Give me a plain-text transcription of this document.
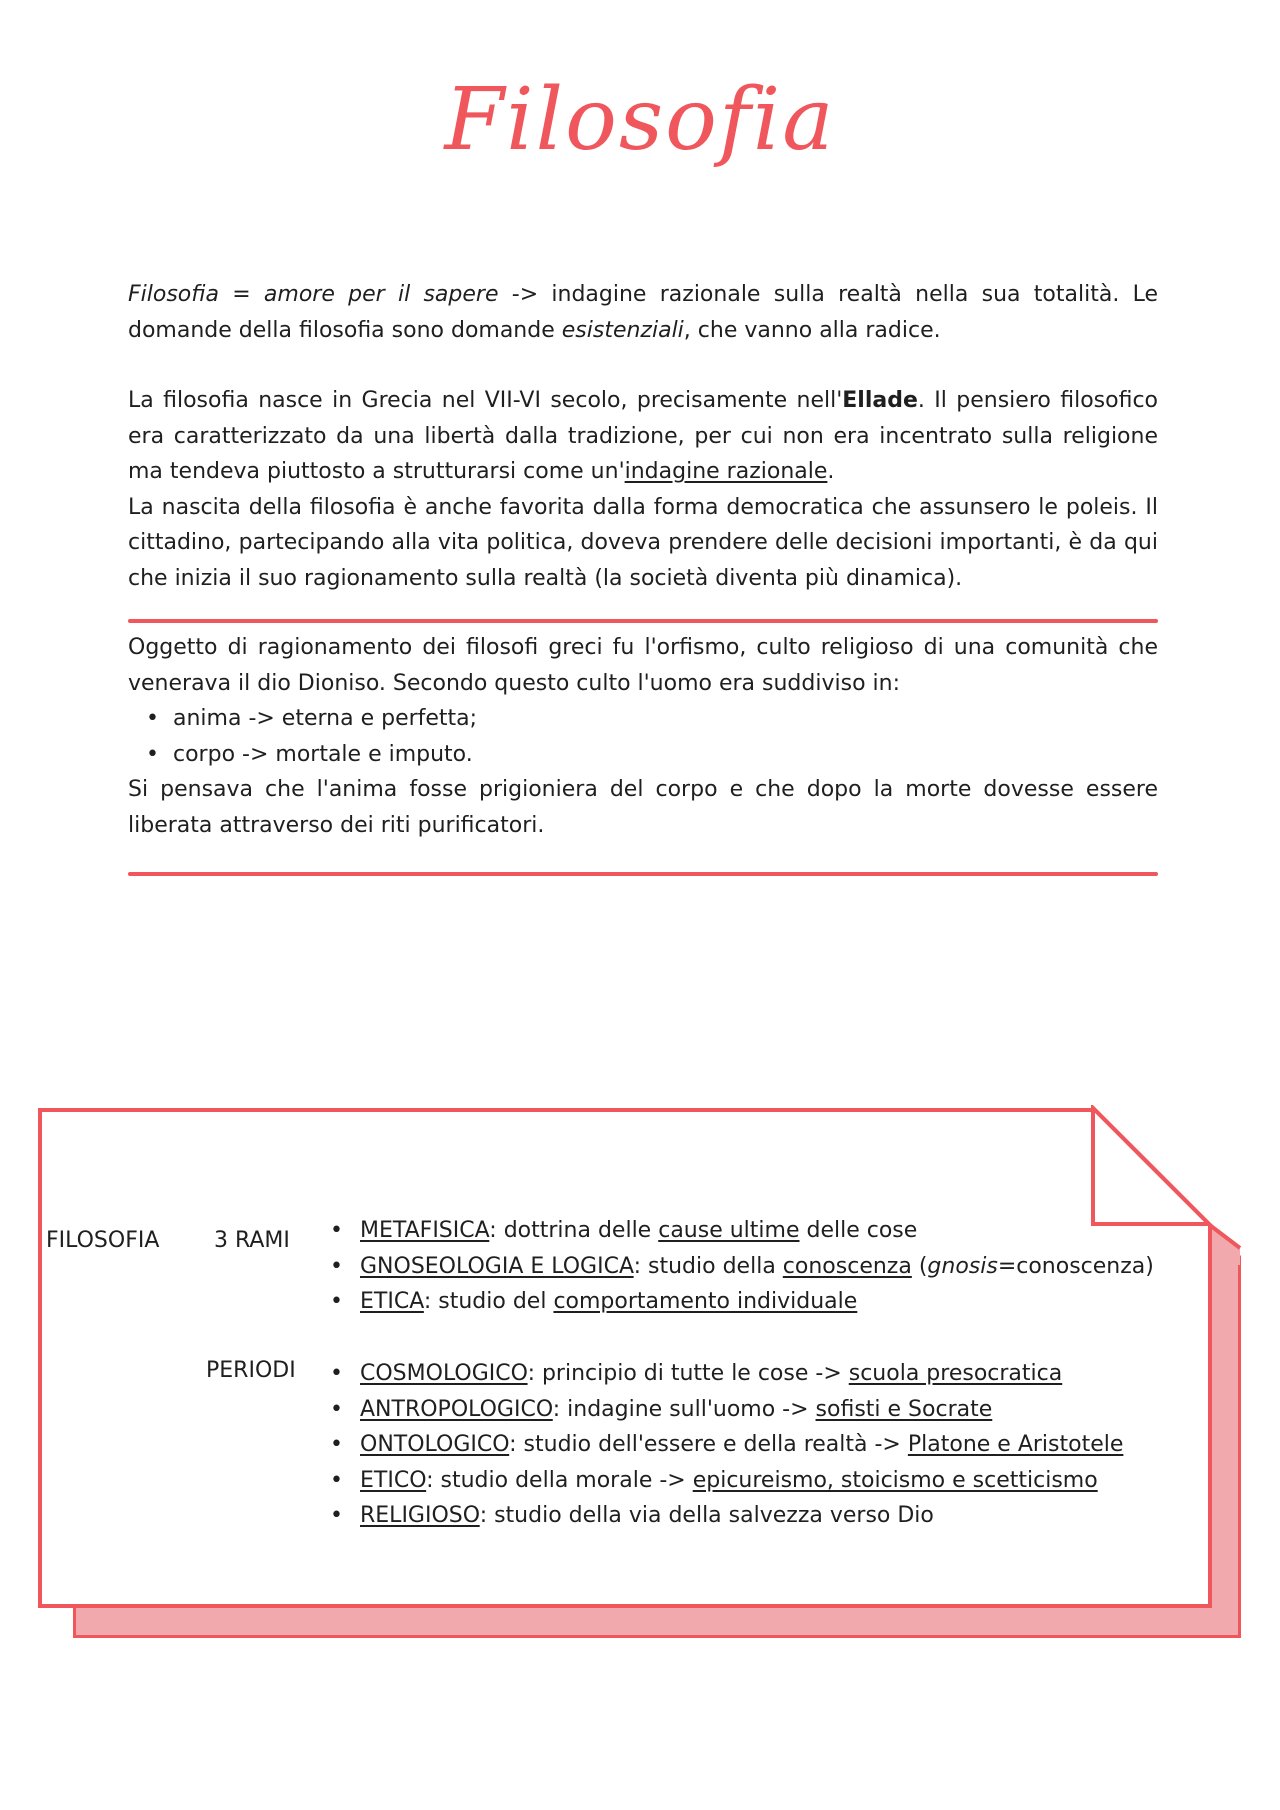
Filosofia

Filosofia = amore per il sapere -> indagine razionale sulla realtà nella sua totalità. Le domande della filosofia sono domande esistenziali, che vanno alla radice.

La filosofia nasce in Grecia nel VII-VI secolo, precisamente nell'Ellade. Il pensiero filosofico era caratterizzato da una libertà dalla tradizione, per cui non era incentrato sulla religione ma tendeva piuttosto a strutturarsi come un'indagine razionale.

La nascita della filosofia è anche favorita dalla forma democratica che assunsero le poleis. Il cittadino, partecipando alla vita politica, doveva prendere delle decisioni importanti, è da qui che inizia il suo ragionamento sulla realtà (la società diventa più dinamica).

Oggetto di ragionamento dei filosofi greci fu l'orfismo, culto religioso di una comunità che venerava il dio Dioniso. Secondo questo culto l'uomo era suddiviso in:

• anima -> eterna e perfetta;
• corpo -> mortale e imputo.

Si pensava che l'anima fosse prigioniera del corpo e che dopo la morte dovesse essere liberata attraverso dei riti purificatori.

FILOSOFIA 3 RAMI
PERIODI
• METAFISICA: dottrina delle cause ultime delle cose
• GNOSEOLOGIA E LOGICA: studio della conoscenza (gnosis=conoscenza)
• ETICA: studio del comportamento individuale
• COSMOLOGICO: principio di tutte le cose -> scuola presocratica
• ANTROPOLOGICO: indagine sull'uomo -> sofisti e Socrate
• ONTOLOGICO: studio dell'essere e della realtà -> Platone e Aristotele
• ETICO: studio della morale -> epicureismo, stoicismo e scetticismo
• RELIGIOSO: studio della via della salvezza verso Dio
